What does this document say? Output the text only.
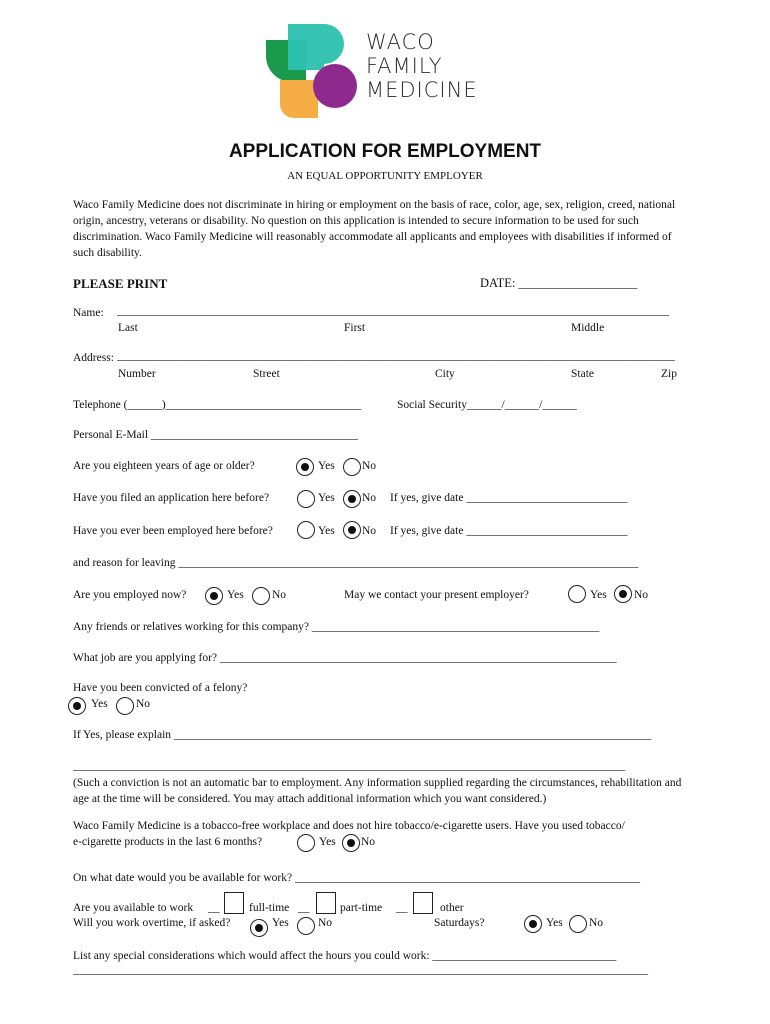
WACO
FAMILY
MEDICINE
APPLICATION FOR EMPLOYMENT
AN EQUAL OPPORTUNITY EMPLOYER
Waco Family Medicine does not discriminate in hiring or employment on the basis of race, color, age, sex, religion, creed, national origin, ancestry, veterans or disability. No question on this application is intended to secure information to be used for such discrimination. Waco Family Medicine will reasonably accommodate all applicants and employees with disabilities if informed of such disability.
PLEASE PRINT	DATE: ___________________
Name: ________________________________________________________________________________________________
Last	First	Middle
Address: _________________________________________________________________________________________________
Number	Street	City	State	Zip
Telephone (______)__________________________________	Social Security______/______/______
Personal E-Mail ____________________________________
Are you eighteen years of age or older?	Yes No
Have you filed an application here before?	Yes No If yes, give date ____________________________
Have you ever been employed here before?	Yes No If yes, give date ____________________________
and reason for leaving ________________________________________________________________________________
Are you employed now?	Yes No	May we contact your present employer?	Yes No
Any friends or relatives working for this company? __________________________________________________
What job are you applying for? _____________________________________________________________________
Have you been convicted of a felony?
Yes No
If Yes, please explain ___________________________________________________________________________________
________________________________________________________________________________________________
(Such a conviction is not an automatic bar to employment. Any information supplied regarding the circumstances, rehabilitation and age at the time will be considered. You may attach additional information which you want considered.)
Waco Family Medicine is a tobacco-free workplace and does not hire tobacco/e-cigarette users. Have you used tobacco/
e-cigarette products in the last 6 months?	Yes No
On what date would you be available for work? ____________________________________________________________
Are you available to work __	full-time __	part-time __	other
Will you work overtime, if asked?	Yes	No	Saturdays?	Yes No
List any special considerations which would affect the hours you could work: ________________________________
____________________________________________________________________________________________________
